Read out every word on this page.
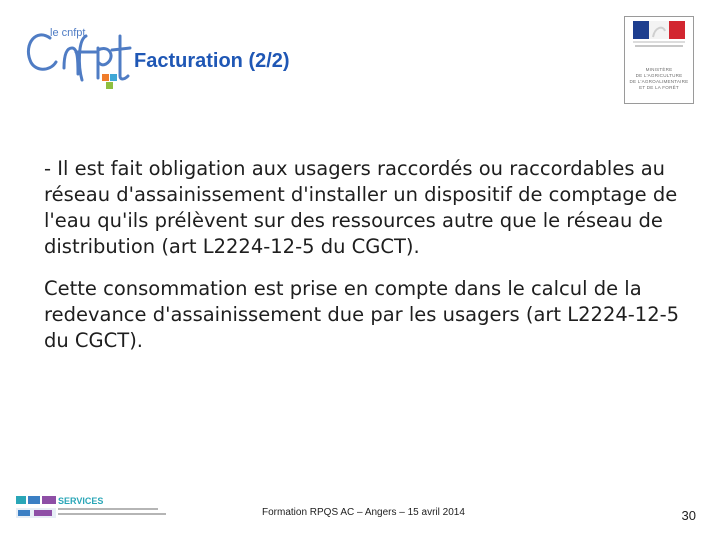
le cnfpt
Facturation (2/2)	MINISTÈRE
DE L'AGRICULTURE
DE L'AGROALIMENTAIRE
ET DE LA FORÊT

- Il est fait obligation aux usagers raccordés ou raccordables au réseau d'assainissement d'installer un dispositif de comptage de l'eau qu'ils prélèvent sur des ressources autre que le réseau de distribution (art L2224-12-5 du CGCT).

Cette consommation est prise en compte dans le calcul de la redevance d'assainissement due par les usagers (art L2224-12-5 du CGCT).

SERVICES
Formation RPQS AC – Angers – 15 avril 2014	30
